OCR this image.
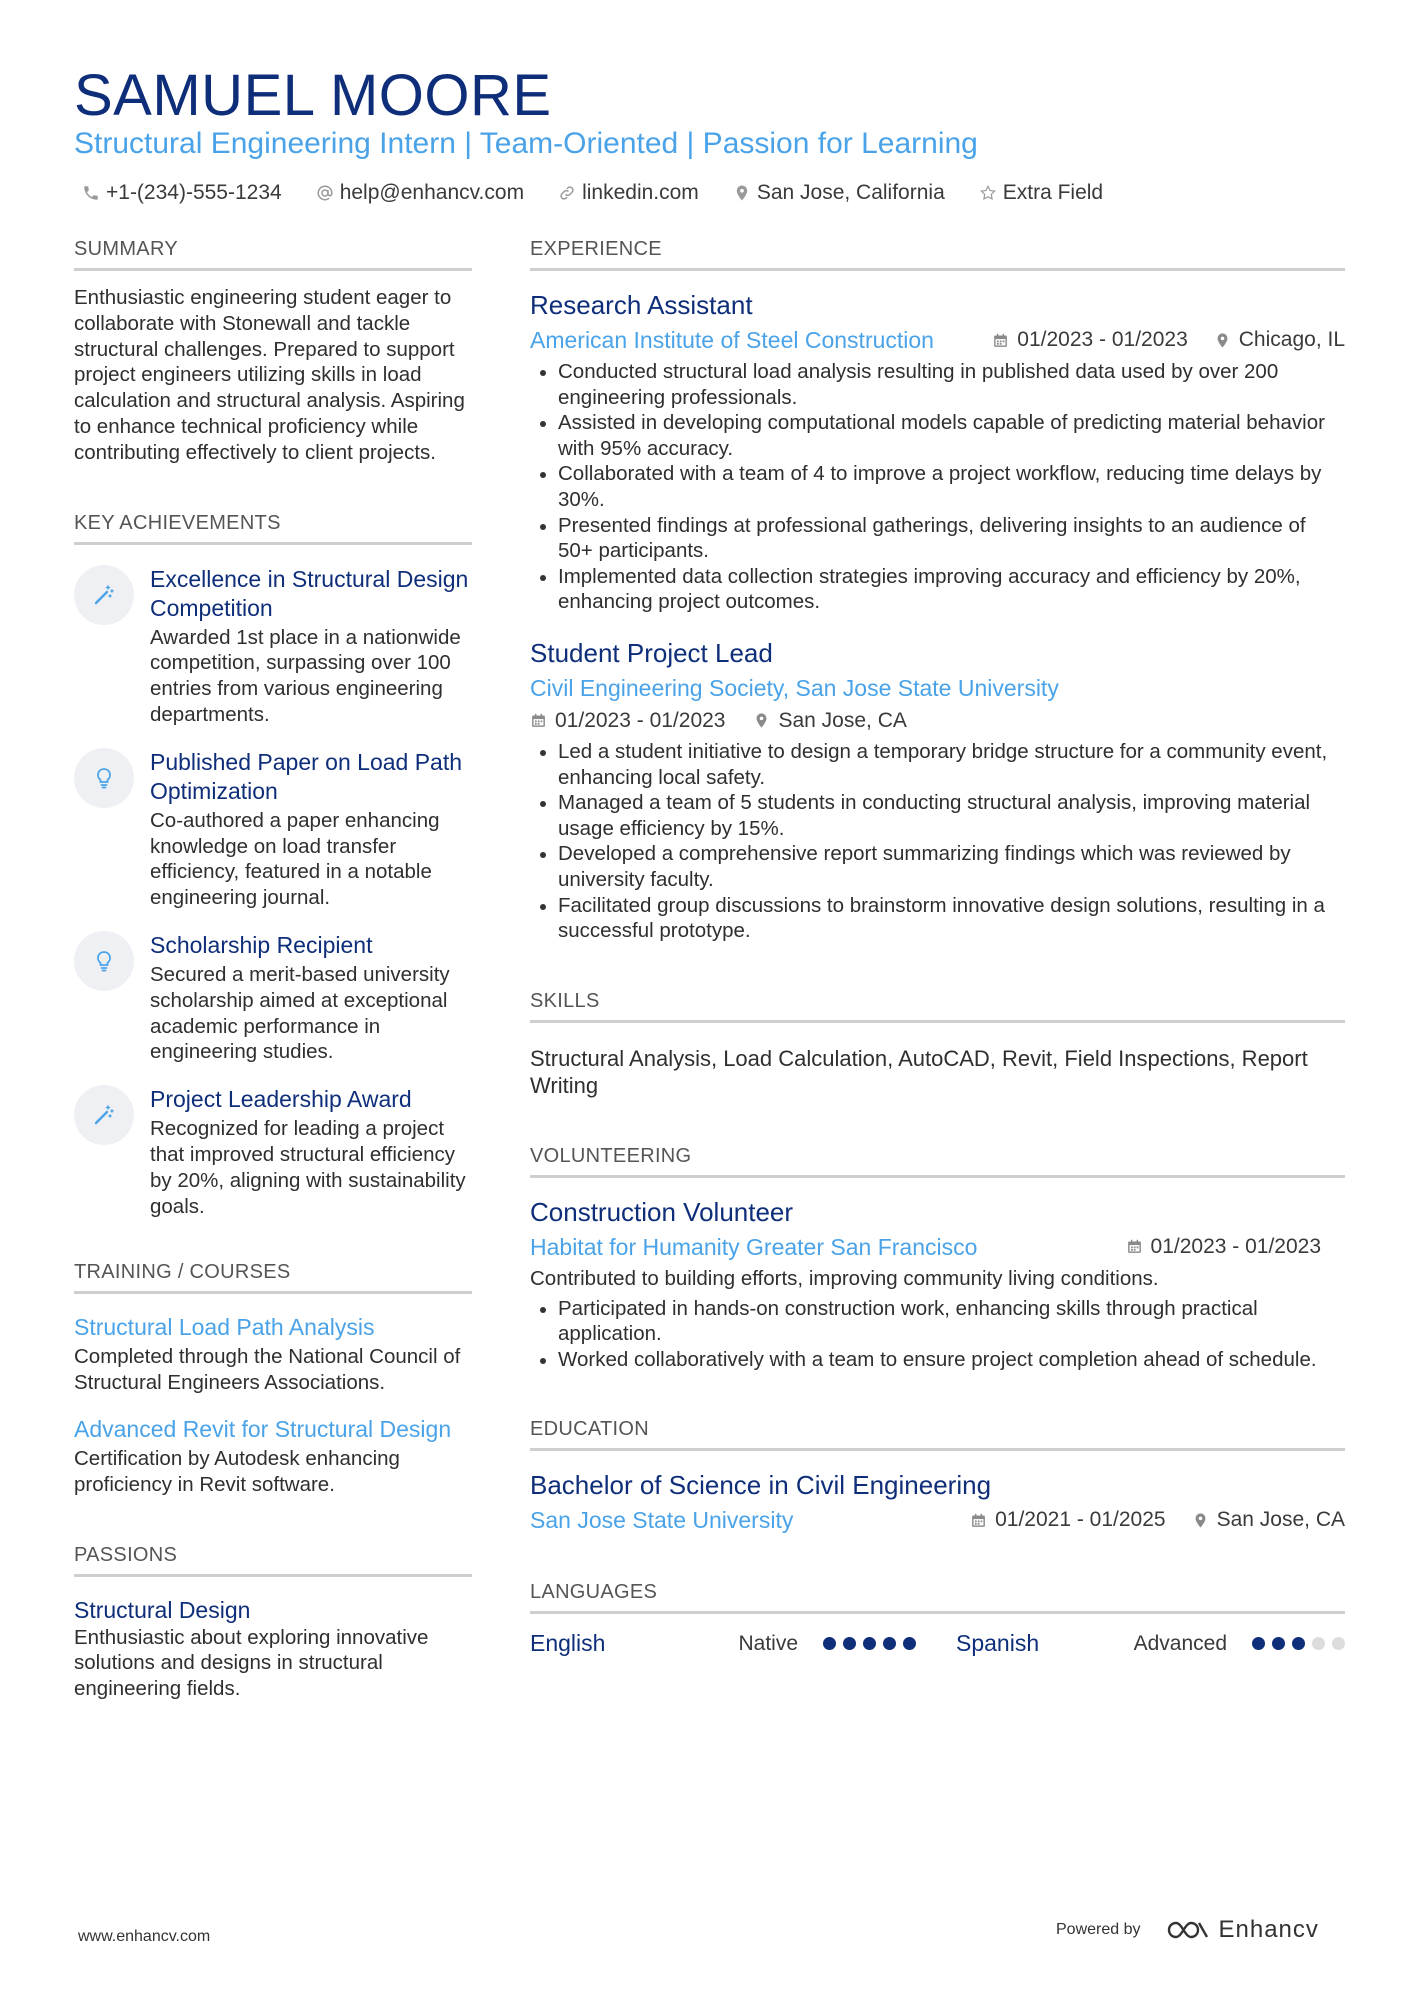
SAMUEL MOORE
Structural Engineering Intern | Team-Oriented | Passion for Learning
+1-(234)-555-1234	help@enhancv.com	linkedin.com	San Jose, California	Extra Field
SUMMARY
Enthusiastic engineering student eager to collaborate with Stonewall and tackle structural challenges. Prepared to support project engineers utilizing skills in load calculation and structural analysis. Aspiring to enhance technical proficiency while contributing effectively to client projects.
KEY ACHIEVEMENTS
Excellence in Structural Design Competition
Awarded 1st place in a nationwide competition, surpassing over 100 entries from various engineering departments.
Published Paper on Load Path Optimization
Co-authored a paper enhancing knowledge on load transfer efficiency, featured in a notable engineering journal.
Scholarship Recipient
Secured a merit-based university scholarship aimed at exceptional academic performance in engineering studies.
Project Leadership Award
Recognized for leading a project that improved structural efficiency by 20%, aligning with sustainability goals.
TRAINING / COURSES
Structural Load Path Analysis
Completed through the National Council of Structural Engineers Associations.
Advanced Revit for Structural Design
Certification by Autodesk enhancing proficiency in Revit software.
PASSIONS
Structural Design
Enthusiastic about exploring innovative solutions and designs in structural engineering fields.
EXPERIENCE
Research Assistant
American Institute of Steel Construction	01/2023 - 01/2023 Chicago, IL
Conducted structural load analysis resulting in published data used by over 200 engineering professionals.
Assisted in developing computational models capable of predicting material behavior with 95% accuracy.
Collaborated with a team of 4 to improve a project workflow, reducing time delays by 30%.
Presented findings at professional gatherings, delivering insights to an audience of 50+ participants.
Implemented data collection strategies improving accuracy and efficiency by 20%, enhancing project outcomes.
Student Project Lead
Civil Engineering Society, San Jose State University
01/2023 - 01/2023	San Jose, CA
Led a student initiative to design a temporary bridge structure for a community event, enhancing local safety.
Managed a team of 5 students in conducting structural analysis, improving material usage efficiency by 15%.
Developed a comprehensive report summarizing findings which was reviewed by university faculty.
Facilitated group discussions to brainstorm innovative design solutions, resulting in a successful prototype.
SKILLS
Structural Analysis, Load Calculation, AutoCAD, Revit, Field Inspections, Report Writing
VOLUNTEERING
Construction Volunteer
Habitat for Humanity Greater San Francisco	01/2023 - 01/2023
Contributed to building efforts, improving community living conditions.
Participated in hands-on construction work, enhancing skills through practical application.
Worked collaboratively with a team to ensure project completion ahead of schedule.
EDUCATION
Bachelor of Science in Civil Engineering
San Jose State University	01/2021 - 01/2025 San Jose, CA
LANGUAGES
English	Native	Spanish	Advanced
www.enhancv.com	Powered by	Enhancv
